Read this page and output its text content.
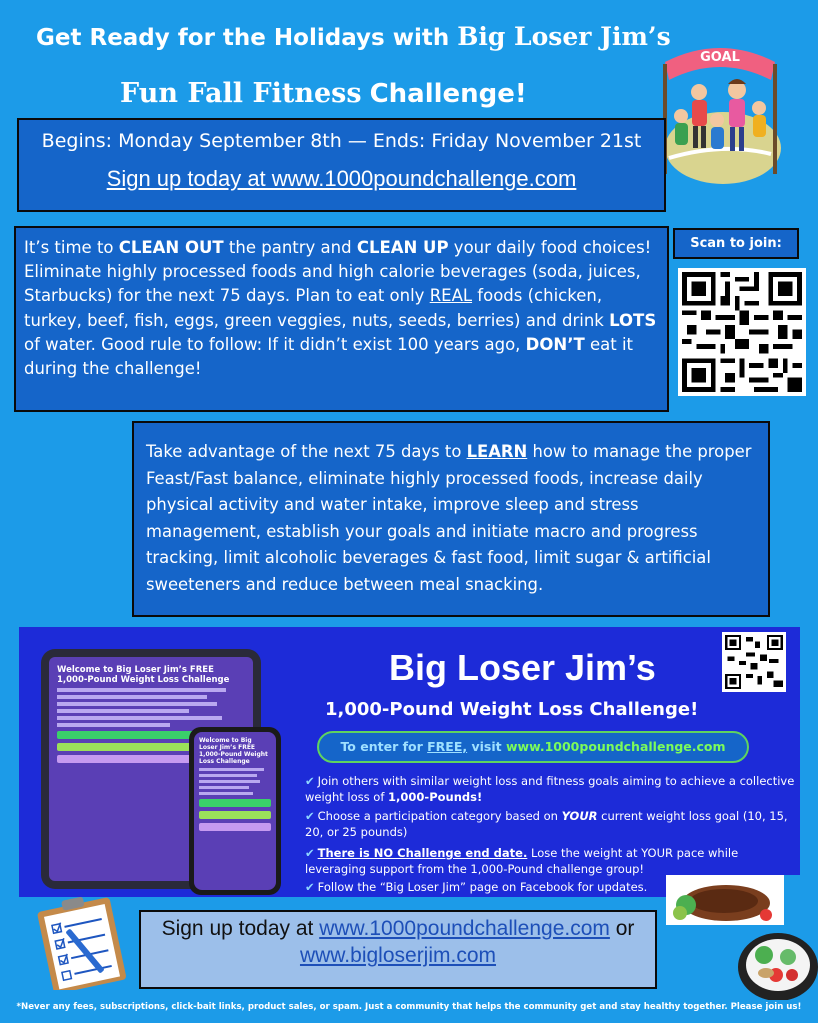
Get Ready for the Holidays with Big Loser Jim’s
Fun Fall Fitness Challenge!
GOAL
Begins: Monday September 8th — Ends: Friday November 21st
Sign up today at www.1000poundchallenge.com
It’s time to CLEAN OUT the pantry and CLEAN UP your daily food choices! Eliminate highly processed foods and high calorie beverages (soda, juices, Starbucks) for the next 75 days. Plan to eat only REAL foods (chicken, turkey, beef, fish, eggs, green veggies, nuts, seeds, berries) and drink LOTS of water. Good rule to follow: If it didn’t exist 100 years ago, DON’T eat it during the challenge!
Scan to join:
Take advantage of the next 75 days to LEARN how to manage the proper Feast/Fast balance, eliminate highly processed foods, increase daily physical activity and water intake, improve sleep and stress management, establish your goals and initiate macro and progress tracking, limit alcoholic beverages & fast food, limit sugar & artificial sweeteners and reduce between meal snacking.
Welcome to Big Loser Jim’s FREE 1,000-Pound Weight Loss Challenge
Welcome to Big Loser Jim’s FREE 1,000-Pound Weight Loss Challenge
Big Loser Jim’s
1,000-Pound Weight Loss Challenge!
To enter for FREE, visit www.1000poundchallenge.com
✔ Join others with similar weight loss and fitness goals aiming to achieve a collective weight loss of 1,000-Pounds!
✔ Choose a participation category based on YOUR current weight loss goal (10, 15, 20, or 25 pounds)
✔ There is NO Challenge end date. Lose the weight at YOUR pace while leveraging support from the 1,000-Pound challenge group!
✔ Follow the “Big Loser Jim” page on Facebook for updates.
Sign up today at www.1000poundchallenge.com or
www.bigloserjim.com
*Never any fees, subscriptions, click-bait links, product sales, or spam. Just a community that helps the community get and stay healthy together. Please join us!
